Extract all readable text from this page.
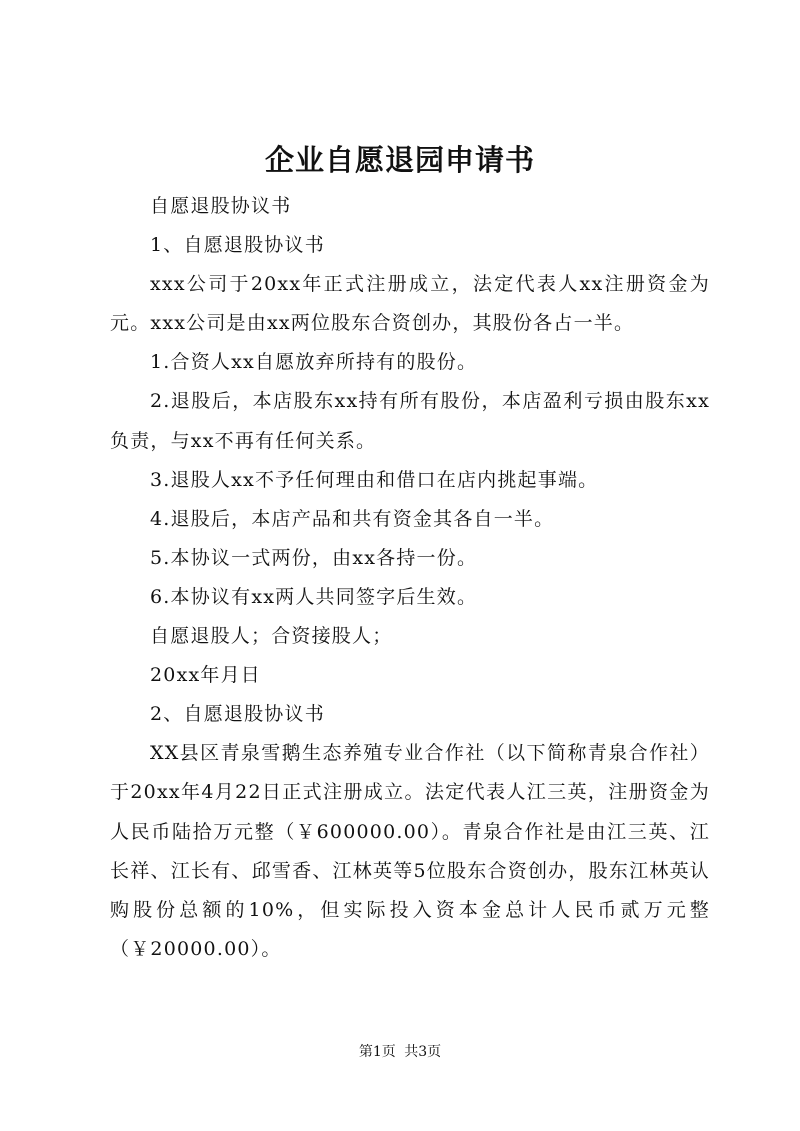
企业自愿退园申请书

自愿退股协议书

1、自愿退股协议书

xxx公司于20xx年正式注册成立，法定代表人xx注册资金为元。xxx公司是由xx两位股东合资创办，其股份各占一半。

1.合资人xx自愿放弃所持有的股份。

2.退股后，本店股东xx持有所有股份，本店盈利亏损由股东xx负责，与xx不再有任何关系。

3.退股人xx不予任何理由和借口在店内挑起事端。

4.退股后，本店产品和共有资金其各自一半。

5.本协议一式两份，由xx各持一份。

6.本协议有xx两人共同签字后生效。

自愿退股人；合资接股人；

20xx年月日

2、自愿退股协议书

XX县区青泉雪鹅生态养殖专业合作社（以下简称青泉合作社）于20xx年4月22日正式注册成立。法定代表人江三英，注册资金为人民币陆拾万元整（￥600000.00）。青泉合作社是由江三英、江长祥、江长有、邱雪香、江林英等5位股东合资创办，股东江林英认购股份总额的10%，但实际投入资本金总计人民币贰万元整（￥20000.00）。

第1页 共3页
